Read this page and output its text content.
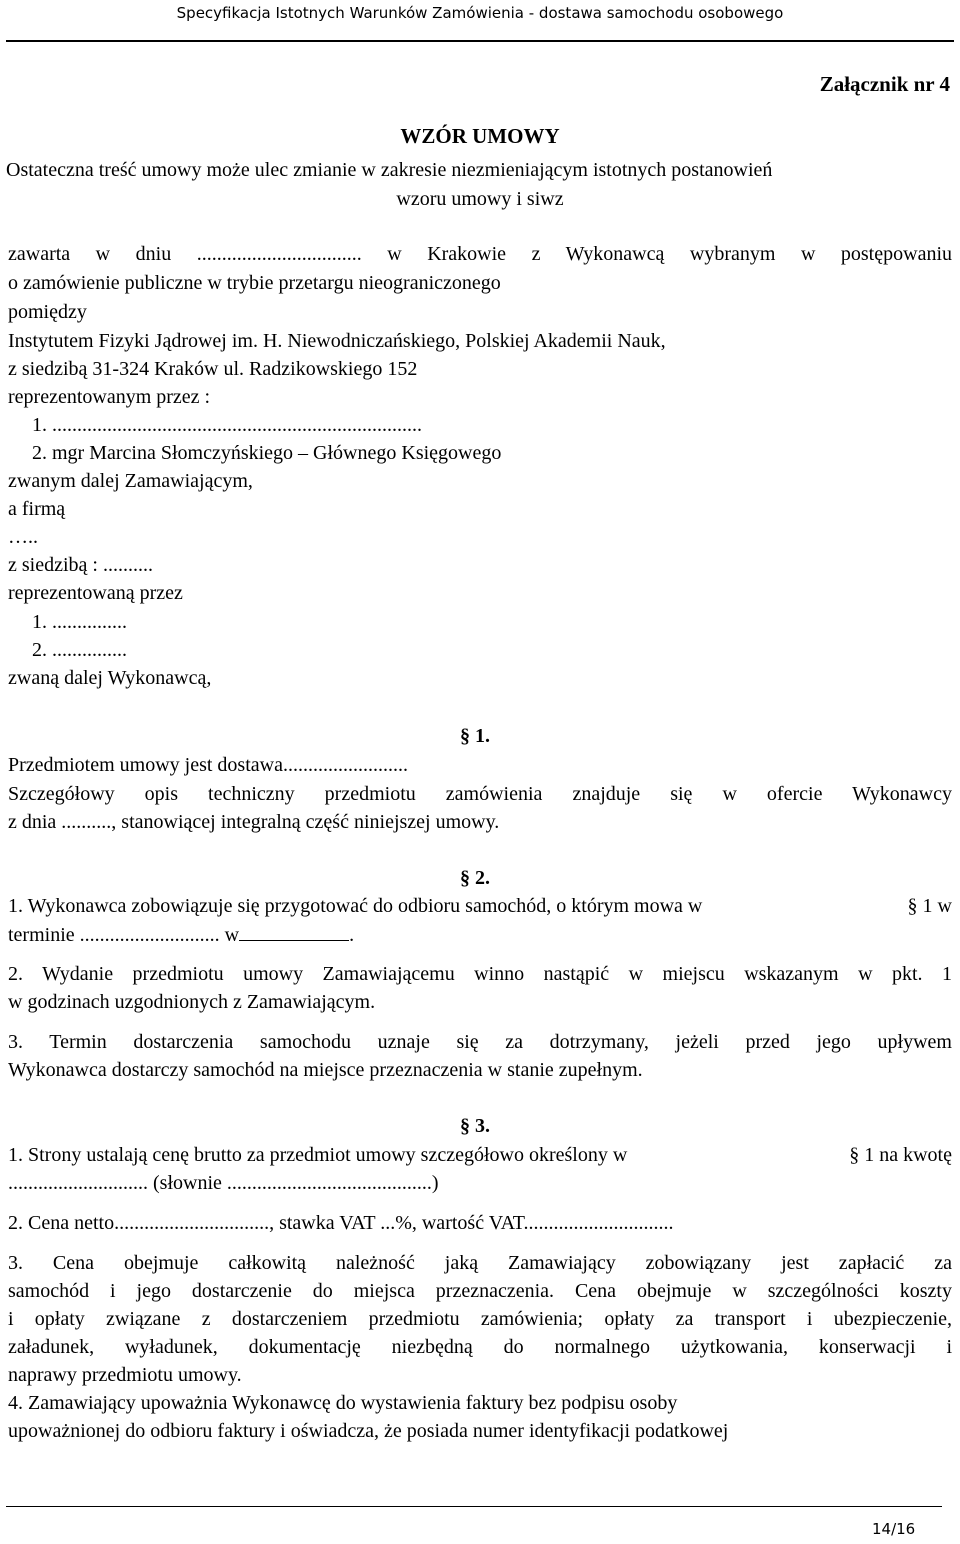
Specyfikacja Istotnych Warunków Zamówienia - dostawa samochodu osobowego
Załącznik nr 4
WZÓR UMOWY
Ostateczna treść umowy może ulec zmianie w zakresie niezmieniającym istotnych postanowień
wzoru umowy i siwz
zawarta w dniu ................................. w Krakowie z Wykonawcą wybranym w postępowaniu
o zamówienie publiczne w trybie przetargu nieograniczonego
pomiędzy
Instytutem Fizyki Jądrowej im. H. Niewodniczańskiego, Polskiej Akademii Nauk,
z siedzibą 31-324 Kraków ul. Radzikowskiego 152
reprezentowanym przez :
1. ..........................................................................
2. mgr Marcina Słomczyńskiego – Głównego Księgowego
zwanym dalej Zamawiającym,
a firmą
…..
z siedzibą : ..........
reprezentowaną przez
1. ...............
2. ...............
zwaną dalej Wykonawcą,
§ 1.
Przedmiotem umowy jest dostawa.........................
Szczegółowy opis techniczny przedmiotu zamówienia znajduje się w ofercie Wykonawcy
z dnia .........., stanowiącej integralną część niniejszej umowy.
§ 2.
1. Wykonawca zobowiązuje się przygotować do odbioru samochód, o którym mowa w	§ 1 w
terminie ............................ w	.
2. Wydanie przedmiotu umowy Zamawiającemu winno nastąpić w miejscu wskazanym w pkt. 1
w godzinach uzgodnionych z Zamawiającym.
3. Termin dostarczenia samochodu uznaje się za dotrzymany, jeżeli przed jego upływem
Wykonawca dostarczy samochód na miejsce przeznaczenia w stanie zupełnym.
§ 3.
1. Strony ustalają cenę brutto za przedmiot umowy szczegółowo określony w	§ 1 na kwotę
............................ (słownie .........................................)
2. Cena netto..............................., stawka VAT ...%, wartość VAT..............................
3. Cena obejmuje całkowitą należność jaką Zamawiający zobowiązany jest zapłacić za
samochód i jego dostarczenie do miejsca przeznaczenia. Cena obejmuje w szczególności koszty
i opłaty związane z dostarczeniem przedmiotu zamówienia; opłaty za transport i ubezpieczenie,
załadunek, wyładunek, dokumentację niezbędną do normalnego użytkowania, konserwacji i
naprawy przedmiotu umowy.
4. Zamawiający upoważnia Wykonawcę do wystawienia faktury bez podpisu osoby
upoważnionej do odbioru faktury i oświadcza, że posiada numer identyfikacji podatkowej
14/16
